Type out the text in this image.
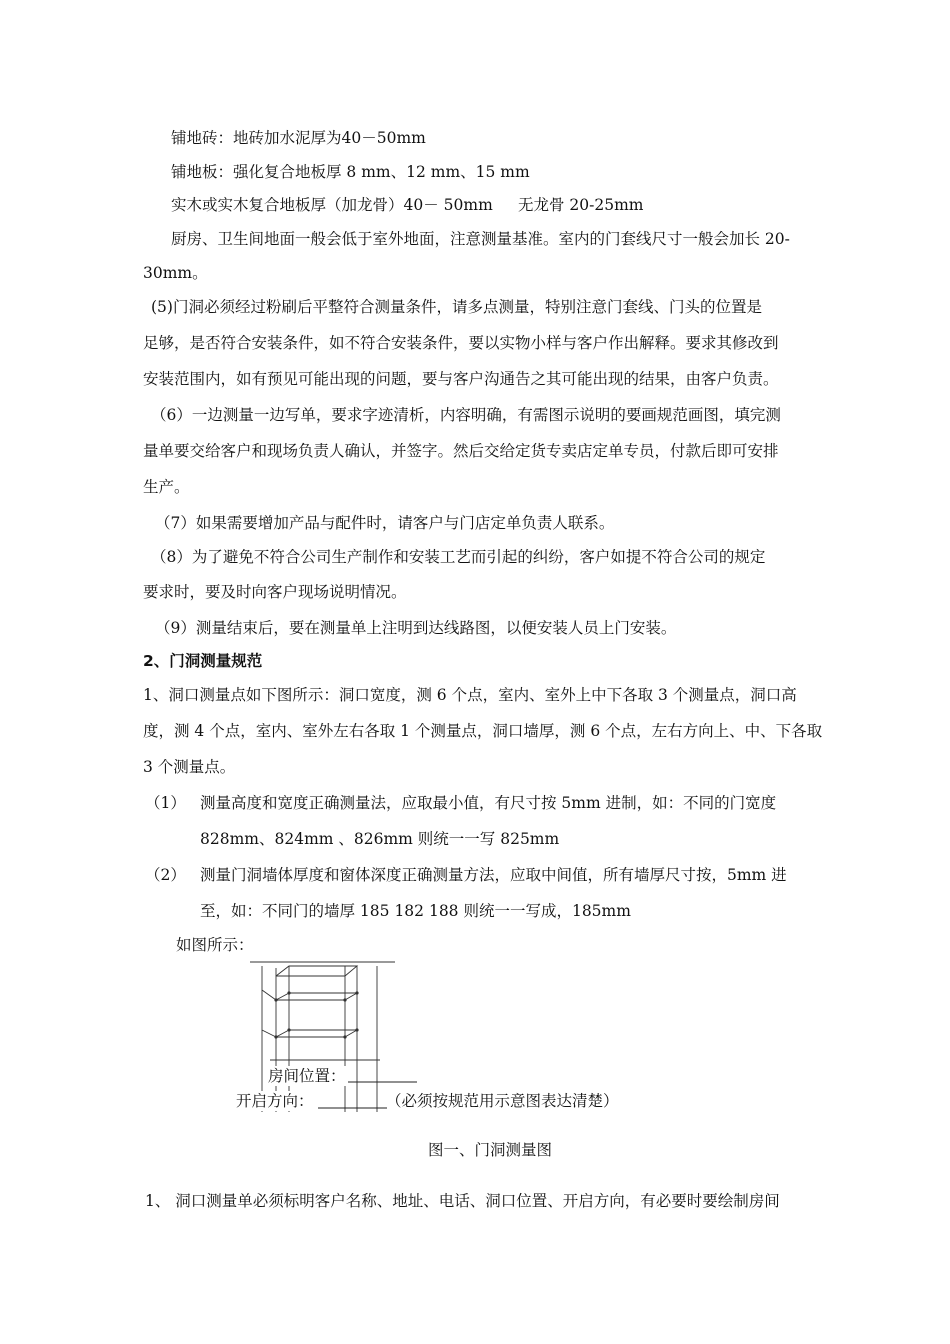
铺地砖：地砖加水泥厚为40－50mm
铺地板：强化复合地板厚 8 mm、12 mm、15 mm
实木或实木复合地板厚（加龙骨）40－ 50mm 无龙骨 20-25mm
厨房、卫生间地面一般会低于室外地面，注意测量基准。室内的门套线尺寸一般会加长 20-
30mm。
(5)门洞必须经过粉刷后平整符合测量条件，请多点测量，特别注意门套线、门头的位置是
足够，是否符合安装条件，如不符合安装条件，要以实物小样与客户作出解释。要求其修改到
安装范围内，如有预见可能出现的问题，要与客户沟通告之其可能出现的结果，由客户负责。
（6）一边测量一边写单，要求字迹清析，内容明确，有需图示说明的要画规范画图，填完测
量单要交给客户和现场负责人确认，并签字。然后交给定货专卖店定单专员，付款后即可安排
生产。
（7）如果需要增加产品与配件时，请客户与门店定单负责人联系。
（8）为了避免不符合公司生产制作和安装工艺而引起的纠纷，客户如提不符合公司的规定
要求时，要及时向客户现场说明情况。
（9）测量结束后，要在测量单上注明到达线路图，以便安装人员上门安装。
2、门洞测量规范
1、洞口测量点如下图所示：洞口宽度，测 6 个点，室内、室外上中下各取 3 个测量点，洞口高
度，测 4 个点，室内、室外左右各取 1 个测量点，洞口墙厚，测 6 个点，左右方向上、中、下各取
3 个测量点。
（1） 测量高度和宽度正确测量法，应取最小值，有尺寸按 5mm 进制，如：不同的门宽度
828mm、824mm 、826mm 则统一一写 825mm
（2） 测量门洞墙体厚度和窗体深度正确测量方法，应取中间值，所有墙厚尺寸按，5mm 进
至，如：不同门的墙厚 185 182 188 则统一一写成，185mm
如图所示：
房间位置：
开启方向：	（必须按规范用示意图表达清楚）
图一、门洞测量图
1、 洞口测量单必须标明客户名称、地址、电话、洞口位置、开启方向，有必要时要绘制房间
